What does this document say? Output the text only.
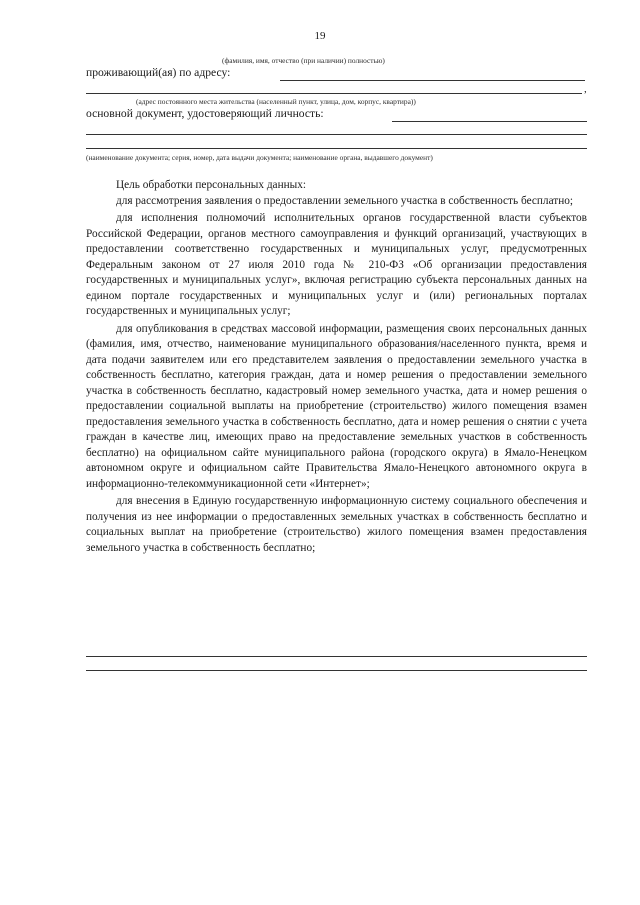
19
(фамилия, имя, отчество (при наличии) полностью)
проживающий(ая) по адресу:
,
(адрес постоянного места жительства (населенный пункт, улица, дом, корпус, квартира))
основной документ, удостоверяющий личность:
(наименование документа; серия, номер, дата выдачи документа; наименование органа, выдавшего документ)

Цель обработки персональных данных:

для рассмотрения заявления о предоставлении земельного участка в собственность бесплатно;

для исполнения полномочий исполнительных органов государственной власти субъектов Российской Федерации, органов местного самоуправления и функций организаций, участвующих в предоставлении соответственно государственных и муниципальных услуг, предусмотренных Федеральным законом от 27 июля 2010 года № 210-ФЗ «Об организации предоставления государственных и муниципальных услуг», включая регистрацию субъекта персональных данных на едином портале государственных и муниципальных услуг и (или) региональных порталах государственных и муниципальных услуг;

для опубликования в средствах массовой информации, размещения своих персональных данных (фамилия, имя, отчество, наименование муниципального образования/населенного пункта, время и дата подачи заявителем или его представителем заявления о предоставлении земельного участка в собственность бесплатно, категория граждан, дата и номер решения о предоставлении земельного участка в собственность бесплатно, кадастровый номер земельного участка, дата и номер решения о предоставлении социальной выплаты на приобретение (строительство) жилого помещения взамен предоставления земельного участка в собственность бесплатно, дата и номер решения о снятии с учета граждан в качестве лиц, имеющих право на предоставление земельных участков в собственность бесплатно) на официальном сайте муниципального района (городского округа) в Ямало-Ненецком автономном округе и официальном сайте Правительства Ямало-Ненецкого автономного округа в информационно-телекоммуникационной сети «Интернет»;

для внесения в Единую государственную информационную систему социального обеспечения и получения из нее информации о предоставленных земельных участках в собственность бесплатно и социальных выплат на приобретение (строительство) жилого помещения взамен предоставления земельного участка в собственность бесплатно;
